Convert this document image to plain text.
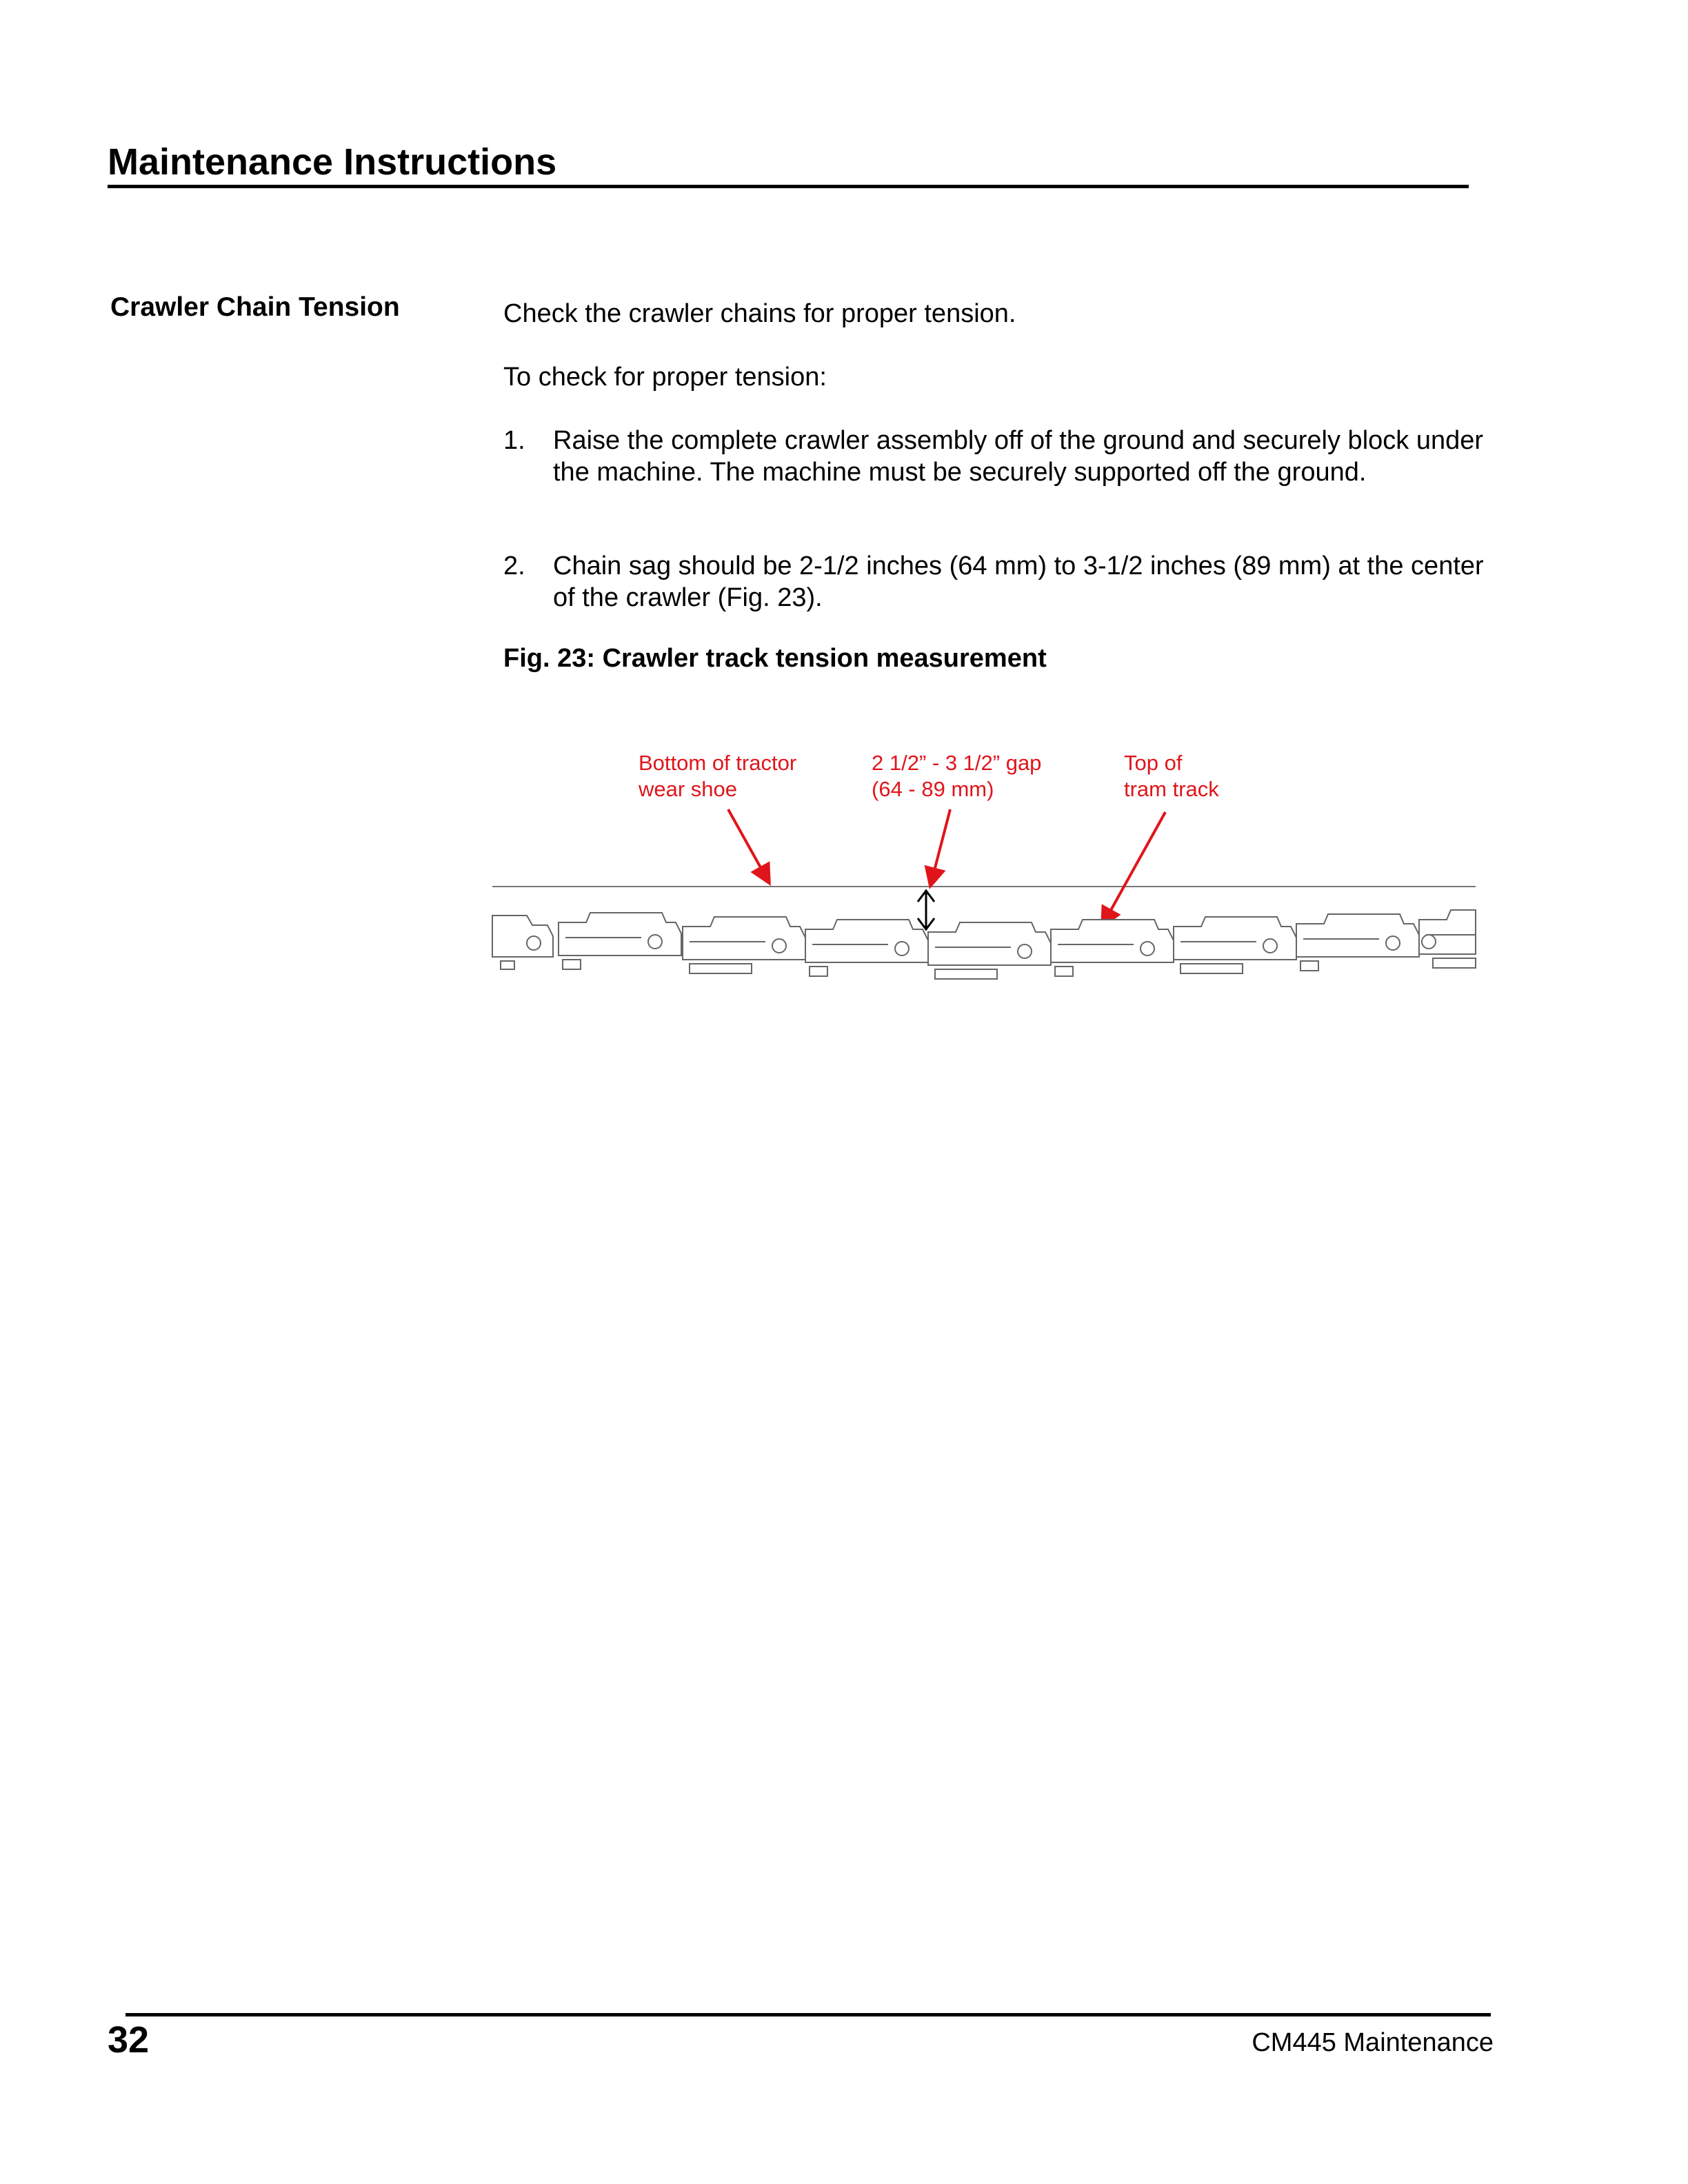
Maintenance Instructions
Crawler Chain Tension	Check the crawler chains for proper tension.
To check for proper tension:
1.	Raise the complete crawler assembly off of the ground and securely block under the machine. The machine must be securely supported off the ground.
2.	Chain sag should be 2-1/2 inches (64 mm) to 3-1/2 inches (89 mm) at the center of the crawler (Fig. 23).
Fig. 23: Crawler track tension measurement
Bottom of tractor
wear shoe
2 1/2” - 3 1/2” gap
(64 - 89 mm)
Top of
tram track
32	CM445 Maintenance
